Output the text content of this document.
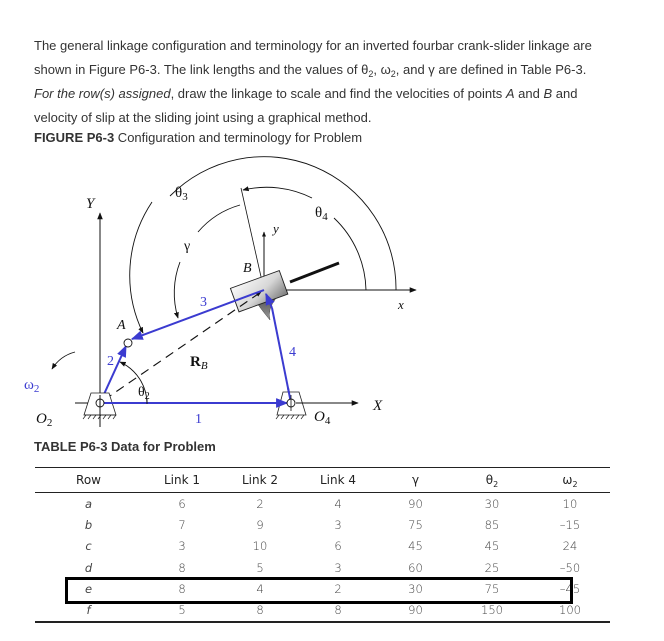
The general linkage configuration and terminology for an inverted fourbar crank-slider linkage are

shown in Figure P6-3. The link lengths and the values of $\theta_2$, $\omega_2$, and γ are defined in Table P6-3.

For the row(s) assigned, draw the linkage to scale and find the velocities of points A and B and

velocity of slip at the sliding joint using a graphical method.

FIGURE P6-3 Configuration and terminology for Problem
Y
X
x
y
A
B
$O_2$	$O_4$
$\theta_3$
$\theta_4$
$\theta_2$
γ
$R_B$
$\omega_2$
1
2
3
4
TABLE P6-3 Data for Problem
Row	Link 1	Link 2	Link 4	γ	$\theta_2$	$\omega_2$	
a	6	2	4	90	30	10	
b	7	9	3	75	85	–15	
c	3	10	6	45	45	24	
d	8	5	3	60	25	–50	
e	8	4	2	30	75	–45	
f	5	8	8	90	150	100	
